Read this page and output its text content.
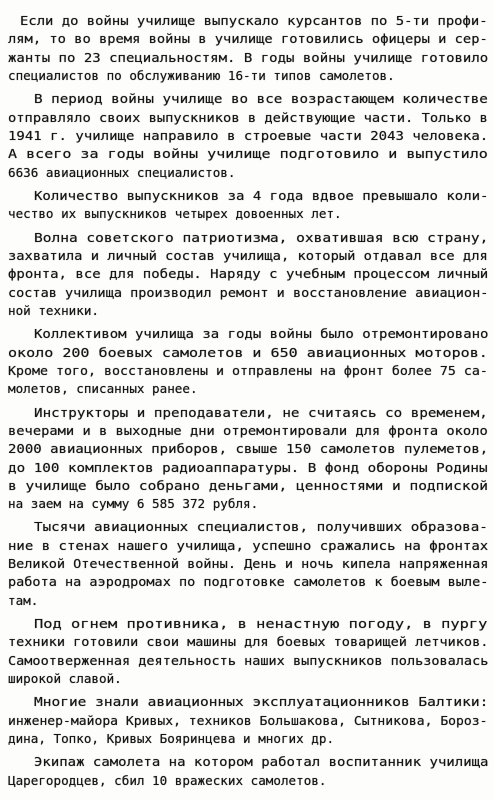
Если до войны училище выпускало курсантов по 5-ти профи-
лям, то во время войны в училище готовились офицеры и сер-
жанты по 23 специальностям. В годы войны училище готовило
специалистов по обслуживанию 16-ти типов самолетов.
В период войны училище во все возрастающем количестве
отправляло своих выпускников в действующие части. Только в
1941 г. училище направило в строевые части 2043 человека.
А всего за годы войны училище подготовило и выпустило
6636 авиационных специалистов.
Количество выпускников за 4 года вдвое превышало коли-
чество их выпускников четырех довоенных лет.
Волна советского патриотизма, охватившая всю страну,
захватила и личный состав училища, который отдавал все для
фронта, все для победы. Наряду с учебным процессом личный
состав училища производил ремонт и восстановление авиацион-
ной техники.
Коллективом училища за годы войны было отремонтировано
около 200 боевых самолетов и 650 авиационных моторов.
Кроме того, восстановлены и отправлены на фронт более 75 са-
молетов, списанных ранее.
Инструкторы и преподаватели, не считаясь со временем,
вечерами и в выходные дни отремонтировали для фронта около
2000 авиационных приборов, свыше 150 самолетов пулеметов,
до 100 комплектов радиоаппаратуры. В фонд обороны Родины
в училище было собрано деньгами, ценностями и подпиской
на заем на сумму 6 585 372 рубля.
Тысячи авиационных специалистов, получивших образова-
ние в стенах нашего училища, успешно сражались на фронтах
Великой Отечественной войны. День и ночь кипела напряженная
работа на аэродромах по подготовке самолетов к боевым выле-
там.
Под огнем противника, в ненастную погоду, в пургу
техники готовили свои машины для боевых товарищей летчиков.
Самоотверженная деятельность наших выпускников пользовалась
широкой славой.
Многие знали авиационных эксплуатационников Балтики:
инженер-майора Кривых, техников Большакова, Сытникова, Борoз-
дина, Топко, Кривых Бояринцева и многих др.
Экипаж самолета на котором работал воспитанник училища
Царегородцев, сбил 10 вражеских самолетов.
